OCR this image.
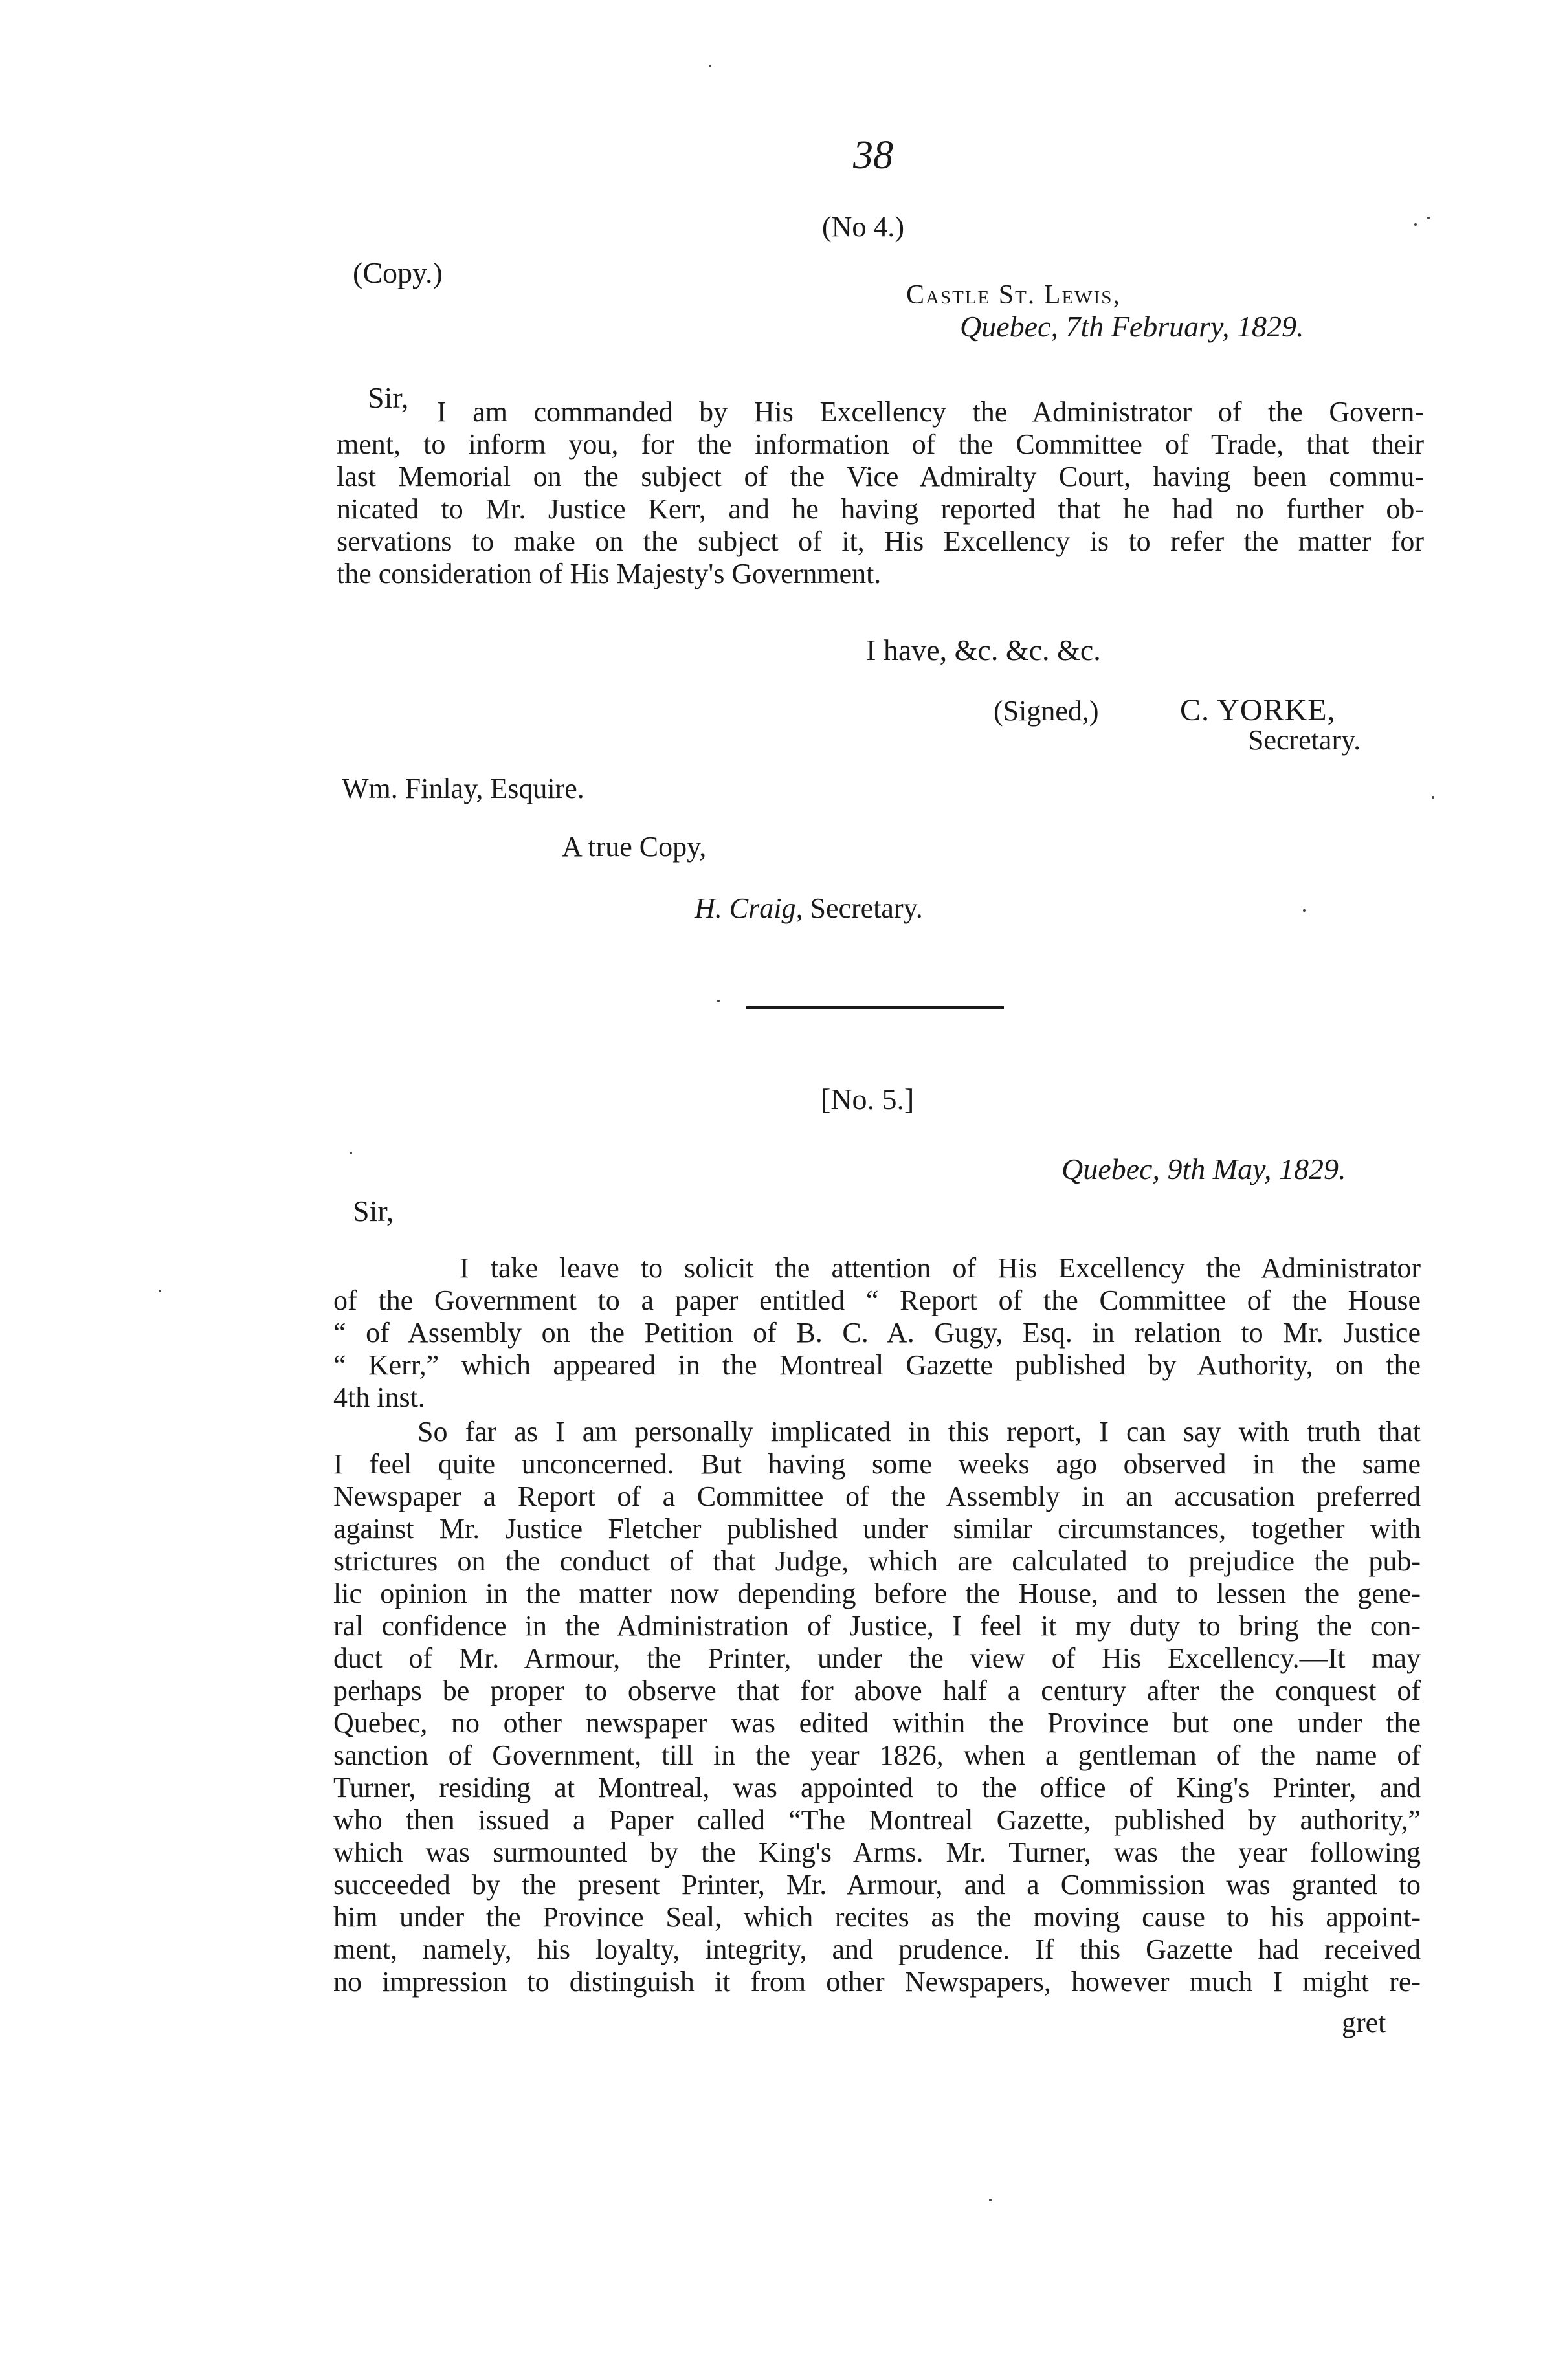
38
(No 4.)
(Copy.)
Castle St. Lewis,
Quebec, 7th February, 1829.
Sir, I am commanded by His Excellency the Administrator of the Govern-
ment, to inform you, for the information of the Committee of Trade, that their
last Memorial on the subject of the Vice Admiralty Court, having been commu-
nicated to Mr. Justice Kerr, and he having reported that he had no further ob-
servations to make on the subject of it, His Excellency is to refer the matter for
the consideration of His Majesty's Government.
I have, &c. &c. &c.
(Signed,)	C. YORKE,
Secretary.
Wm. Finlay, Esquire.
A true Copy,
H. Craig, Secretary.
[No. 5.]
Quebec, 9th May, 1829.
Sir,
I take leave to solicit the attention of His Excellency the Administrator
of the Government to a paper entitled “ Report of the Committee of the House
“ of Assembly on the Petition of B. C. A. Gugy, Esq. in relation to Mr. Justice
“ Kerr,” which appeared in the Montreal Gazette published by Authority, on the
4th inst.
So far as I am personally implicated in this report, I can say with truth that
I feel quite unconcerned. But having some weeks ago observed in the same
Newspaper a Report of a Committee of the Assembly in an accusation preferred
against Mr. Justice Fletcher published under similar circumstances, together with
strictures on the conduct of that Judge, which are calculated to prejudice the pub-
lic opinion in the matter now depending before the House, and to lessen the gene-
ral confidence in the Administration of Justice, I feel it my duty to bring the con-
duct of Mr. Armour, the Printer, under the view of His Excellency.—It may
perhaps be proper to observe that for above half a century after the conquest of
Quebec, no other newspaper was edited within the Province but one under the
sanction of Government, till in the year 1826, when a gentleman of the name of
Turner, residing at Montreal, was appointed to the office of King's Printer, and
who then issued a Paper called “The Montreal Gazette, published by authority,”
which was surmounted by the King's Arms. Mr. Turner, was the year following
succeeded by the present Printer, Mr. Armour, and a Commission was granted to
him under the Province Seal, which recites as the moving cause to his appoint-
ment, namely, his loyalty, integrity, and prudence. If this Gazette had received
no impression to distinguish it from other Newspapers, however much I might re-
gret
